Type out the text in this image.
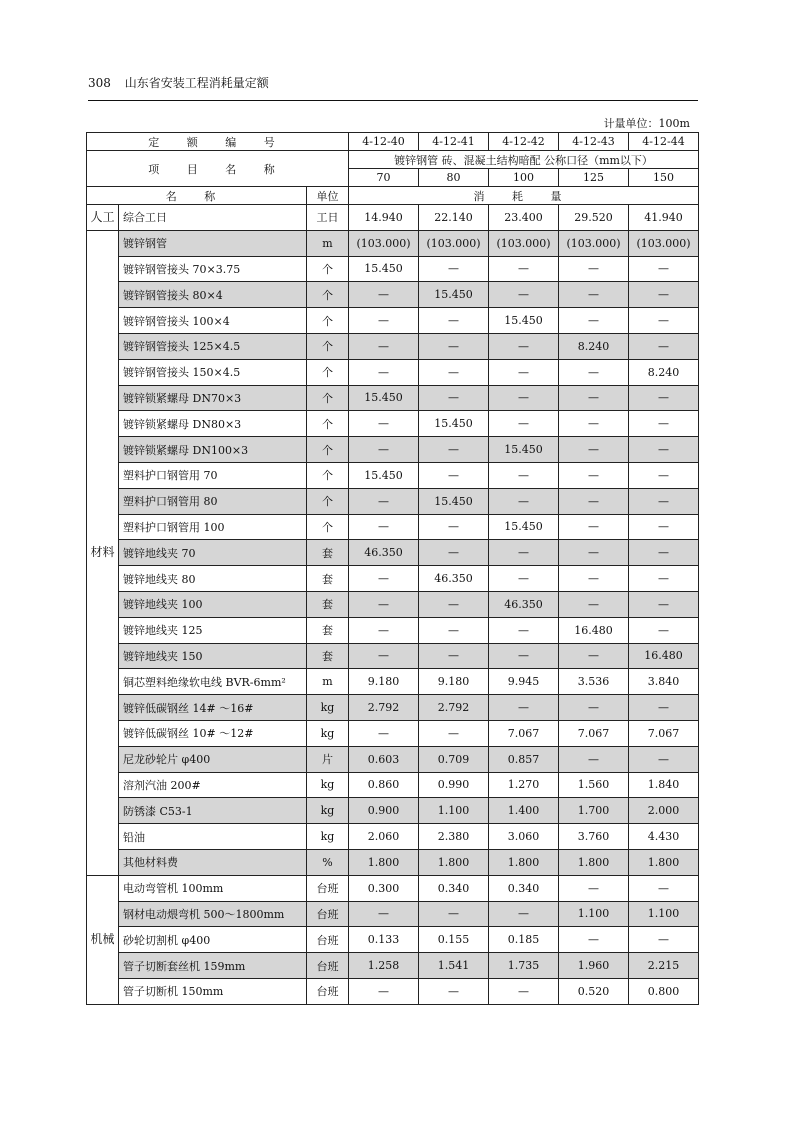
308 山东省安装工程消耗量定额
计量单位：100m
定 额 编 号			4-12-40	4-12-41	4-12-42	4-12-43	4-12-44
项 目 名 称			镀锌钢管 砖、混凝土结构暗配 公称口径（mm以下）				
			70	80	100	125	150
名 称		单位	消 耗 量				
人工	综合工日	工日	14.940	22.140	23.400	29.520	41.940
材料	镀锌钢管	m	(103.000)	(103.000)	(103.000)	(103.000)	(103.000)
	镀锌钢管接头 70×3.75	个	15.450	—	—	—	—
	镀锌钢管接头 80×4	个	—	15.450	—	—	—
	镀锌钢管接头 100×4	个	—	—	15.450	—	—
	镀锌钢管接头 125×4.5	个	—	—	—	8.240	—
	镀锌钢管接头 150×4.5	个	—	—	—	—	8.240
	镀锌锁紧螺母 DN70×3	个	15.450	—	—	—	—
	镀锌锁紧螺母 DN80×3	个	—	15.450	—	—	—
	镀锌锁紧螺母 DN100×3	个	—	—	15.450	—	—
	塑料护口钢管用 70	个	15.450	—	—	—	—
	塑料护口钢管用 80	个	—	15.450	—	—	—
	塑料护口钢管用 100	个	—	—	15.450	—	—
	镀锌地线夹 70	套	46.350	—	—	—	—
	镀锌地线夹 80	套	—	46.350	—	—	—
	镀锌地线夹 100	套	—	—	46.350	—	—
	镀锌地线夹 125	套	—	—	—	16.480	—
	镀锌地线夹 150	套	—	—	—	—	16.480
	铜芯塑料绝缘软电线 BVR-6mm²	m	9.180	9.180	9.945	3.536	3.840
	镀锌低碳钢丝 14# ～16#	kg	2.792	2.792	—	—	—
	镀锌低碳钢丝 10# ～12#	kg	—	—	7.067	7.067	7.067
	尼龙砂轮片 φ400	片	0.603	0.709	0.857	—	—
	溶剂汽油 200#	kg	0.860	0.990	1.270	1.560	1.840
	防锈漆 C53-1	kg	0.900	1.100	1.400	1.700	2.000
	铅油	kg	2.060	2.380	3.060	3.760	4.430
	其他材料费	%	1.800	1.800	1.800	1.800	1.800
机械	电动弯管机 100mm	台班	0.300	0.340	0.340	—	—
	钢材电动煨弯机 500～1800mm	台班	—	—	—	1.100	1.100
	砂轮切割机 φ400	台班	0.133	0.155	0.185	—	—
	管子切断套丝机 159mm	台班	1.258	1.541	1.735	1.960	2.215
	管子切断机 150mm	台班	—	—	—	0.520	0.800
